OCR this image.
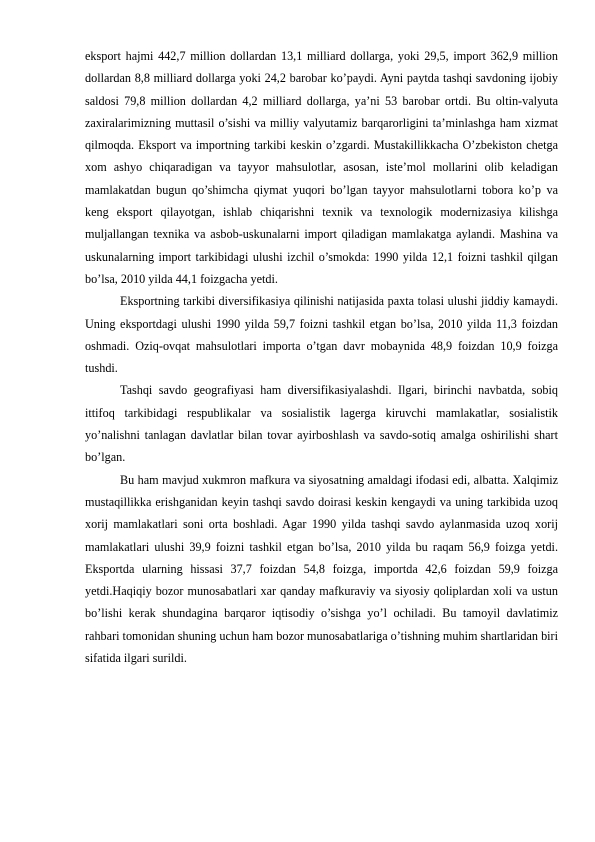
eksport hajmi 442,7 million dollardan 13,1 milliard dollarga, yoki 29,5, import 362,9 million dollardan 8,8 milliard dollarga yoki 24,2 barobar ko’paydi. Ayni paytda tashqi savdoning ijobiy saldosi 79,8 million dollardan 4,2 milliard dollarga, ya’ni 53 barobar ortdi. Bu oltin-valyuta zaxiralarimizning muttasil o’sishi va milliy valyutamiz barqarorligini ta’minlashga ham xizmat qilmoqda. Eksport va importning tarkibi keskin o’zgardi. Mustakillikkacha O’zbekiston chetga xom ashyo chiqaradigan va tayyor mahsulotlar, asosan, iste’mol mollarini olib keladigan mamlakatdan bugun qo’shimcha qiymat yuqori bo’lgan tayyor mahsulotlarni tobora ko’p va keng eksport qilayotgan, ishlab chiqarishni texnik va texnologik modernizasiya kilishga muljallangan texnika va asbob-uskunalarni import qiladigan mamlakatga aylandi. Mashina va uskunalarning import tarkibidagi ulushi izchil o’smokda: 1990 yilda 12,1 foizni tashkil qilgan bo’lsa, 2010 yilda 44,1 foizgacha yetdi.

Eksportning tarkibi diversifikasiya qilinishi natijasida paxta tolasi ulushi jiddiy kamaydi. Uning eksportdagi ulushi 1990 yilda 59,7 foizni tashkil etgan bo’lsa, 2010 yilda 11,3 foizdan oshmadi. Oziq-ovqat mahsulotlari importa o’tgan davr mobaynida 48,9 foizdan 10,9 foizga tushdi.

Tashqi savdo geografiyasi ham diversifikasiyalashdi. Ilgari, birinchi navbatda, sobiq ittifoq tarkibidagi respublikalar va sosialistik lagerga kiruvchi mamlakatlar, sosialistik yo’nalishni tanlagan davlatlar bilan tovar ayirboshlash va savdo-sotiq amalga oshirilishi shart bo’lgan.

Bu ham mavjud xukmron mafkura va siyosatning amaldagi ifodasi edi, albatta. Xalqimiz mustaqillikka erishganidan keyin tashqi savdo doirasi keskin kengaydi va uning tarkibida uzoq xorij mamlakatlari soni orta boshladi. Agar 1990 yilda tashqi savdo aylanmasida uzoq xorij mamlakatlari ulushi 39,9 foizni tashkil etgan bo’lsa, 2010 yilda bu raqam 56,9 foizga yetdi. Eksportda ularning hissasi 37,7 foizdan 54,8 foizga, importda 42,6 foizdan 59,9 foizga yetdi.Haqiqiy bozor munosabatlari xar qanday mafkuraviy va siyosiy qoliplardan xoli va ustun bo’lishi kerak shundagina barqaror iqtisodiy o’sishga yo’l ochiladi. Bu tamoyil davlatimiz rahbari tomonidan shuning uchun ham bozor munosabatlariga o’tishning muhim shartlaridan biri sifatida ilgari surildi.
